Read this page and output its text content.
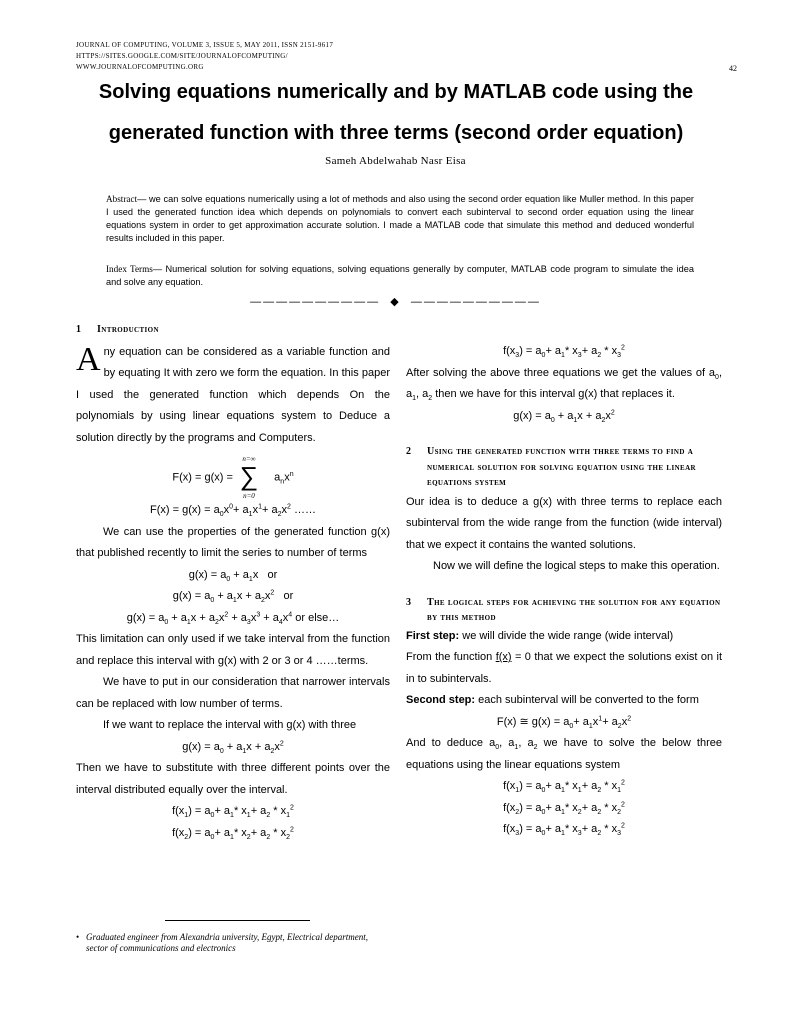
JOURNAL OF COMPUTING, VOLUME 3, ISSUE 5, MAY 2011, ISSN 2151-9617
HTTPS://SITES.GOOGLE.COM/SITE/JOURNALOFCOMPUTING/
WWW.JOURNALOFCOMPUTING.ORG	42
Solving equations numerically and by MATLAB code using the
generated function with three terms (second order equation)
Sameh Abdelwahab Nasr Eisa
Abstract— we can solve equations numerically using a lot of methods and also using the second order equation like Muller method. In this paper I used the generated function idea which depends on polynomials to convert each subinterval to second order equation using the linear equations system in order to get approximation accurate solution. I made a MATLAB code that simulate this method and deduced wonderful results included in this paper.
Index Terms— Numerical solution for solving equations, solving equations generally by computer, MATLAB code program to simulate the idea and solve any equation.
—————————— ◆ ——————————
1 Introduction

Any equation can be considered as a variable function and by equating It with zero we form the equation. In this paper I used the generated function which depends On the polynomials by using linear equations system to Deduce a solution directly by the programs and Computers.

F(x) = g(x) =
n=∞
∑
n=0
$a_nx^n$
$F(x) = g(x) = a_0x^0+ a_1x^1+ a_2x^2$ ……

We can use the properties of the generated function g(x) that published recently to limit the series to number of terms

$g(x) = a_0 + a_1x$   or
$g(x) = a_0 + a_1x + a_2x^2$   or
$g(x) = a_0 + a_1x + a_2x^2 + a_3x^3 + a_4x^4$ or else…

This limitation can only used if we take interval from the function and replace this interval with g(x) with 2 or 3 or 4 ……terms.

We have to put in our consideration that narrower intervals can be replaced with low number of terms.

If we want to replace the interval with g(x) with three

$g(x) = a_0 + a_1x + a_2x^2$

Then we have to substitute with three different points over the interval distributed equally over the interval.

$f(x_1) = a_0+ a_1*$ $x_1+ a_2 * x_1^2$
$f(x_2) = a_0+ a_1*$ $x_2+ a_2 * x_2^2$
• Graduated engineer from Alexandria university, Egypt, Electrical department, sector of communications and electronics
$f(x_3) = a_0+ a_1*$ $x_3+ a_2 * x_3^2$

After solving the above three equations we get the values of $a_0$, $a_1$, $a_2$ then we have for this interval g(x) that replaces it.

$g(x) = a_0 + a_1x + a_2x^2$
2 Using the generated function with three terms to find a numerical solution for solving equation using the linear equations system

Our idea is to deduce a g(x) with three terms to replace each subinterval from the wide range from the function (wide interval) that we expect it contains the wanted solutions.

Now we will define the logical steps to make this operation.

3 The logical steps for achieving the solution for any equation by this method

First step: we will divide the wide range (wide interval)

From the function f(x) = 0 that we expect the solutions exist on it in to subintervals.

Second step: each subinterval will be converted to the form

F(x) ≅ $g(x) = a_0+ a_1x^1+ a_2x^2$

And to deduce $a_0$, $a_1$, $a_2$ we have to solve the below three equations using the linear equations system

$f(x_1) = a_0+ a_1*$ $x_1+ a_2 * x_1^2$
$f(x_2) = a_0+ a_1*$ $x_2+ a_2 * x_2^2$
$f(x_3) = a_0+ a_1*$ $x_3+ a_2 * x_3^2$
